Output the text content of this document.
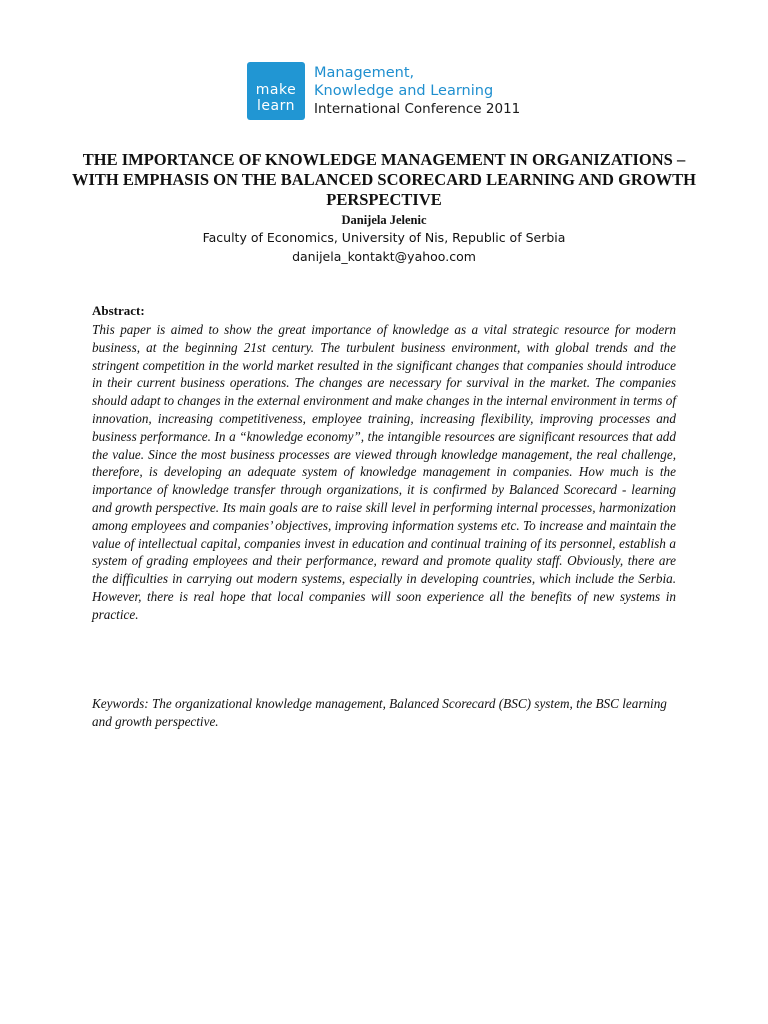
make
learn
Management,
Knowledge and Learning
International Conference 2011
THE IMPORTANCE OF KNOWLEDGE MANAGEMENT IN ORGANIZATIONS – WITH EMPHASIS ON THE BALANCED SCORECARD LEARNING AND GROWTH PERSPECTIVE
Danijela Jelenic
Faculty of Economics, University of Nis, Republic of Serbia
danijela_kontakt@yahoo.com
Abstract:

This paper is aimed to show the great importance of knowledge as a vital strategic resource for modern business, at the beginning 21st century. The turbulent business environment, with global trends and the stringent competition in the world market resulted in the significant changes that companies should introduce in their current business operations. The changes are necessary for survival in the market. The companies should adapt to changes in the external environment and make changes in the internal environment in terms of innovation, increasing competitiveness, employee training, increasing flexibility, improving processes and business performance. In a “knowledge economy”, the intangible resources are significant resources that add the value. Since the most business processes are viewed through knowledge management, the real challenge, therefore, is developing an adequate system of knowledge management in companies. How much is the importance of knowledge transfer through organizations, it is confirmed by Balanced Scorecard - learning and growth perspective. Its main goals are to raise skill level in performing internal processes, harmonization among employees and companies’ objectives, improving information systems etc. To increase and maintain the value of intellectual capital, companies invest in education and continual training of its personnel, establish a system of grading employees and their performance, reward and promote quality staff. Obviously, there are the difficulties in carrying out modern systems, especially in developing countries, which include the Serbia. However, there is real hope that local companies will soon experience all the benefits of new systems in practice.

Keywords: The organizational knowledge management, Balanced Scorecard (BSC) system, the BSC learning and growth perspective.
